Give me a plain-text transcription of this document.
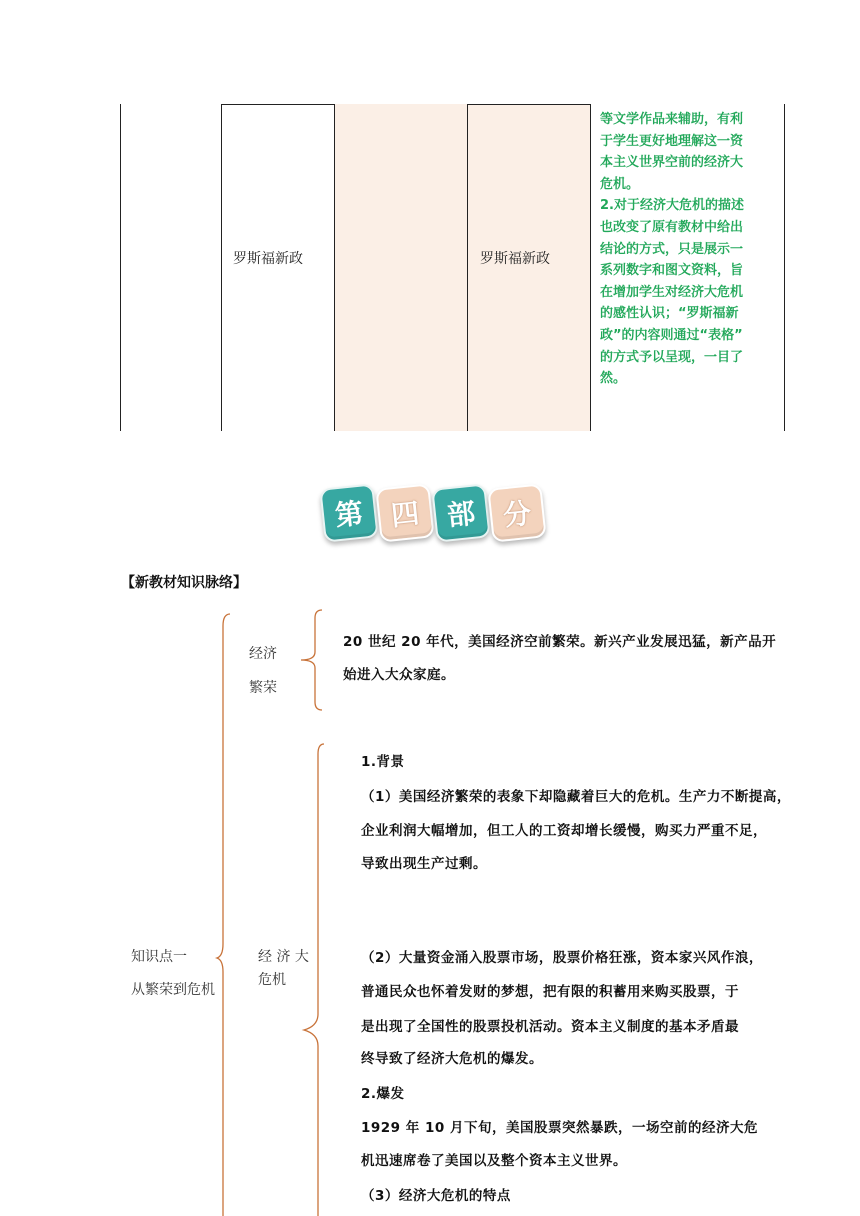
罗斯福新政	罗斯福新政
等文学作品来辅助，有利
于学生更好地理解这一资
本主义世界空前的经济大
危机。
2.对于经济大危机的描述
也改变了原有教材中给出
结论的方式，只是展示一
系列数字和图文资料，旨
在增加学生对经济大危机
的感性认识；“罗斯福新
政”的内容则通过“表格”
的方式予以呈现，一目了
然。
第 四 部 分
【新教材知识脉络】
知识点一
从繁荣到危机
经济
繁荣
20 世纪 20 年代，美国经济空前繁荣。新兴产业发展迅猛，新产品开
始进入大众家庭。
经 济 大
危机
1.背景
（1）美国经济繁荣的表象下却隐藏着巨大的危机。生产力不断提高，
企业利润大幅增加，但工人的工资却增长缓慢，购买力严重不足，
导致出现生产过剩。
（2）大量资金涌入股票市场，股票价格狂涨，资本家兴风作浪，
普通民众也怀着发财的梦想，把有限的积蓄用来购买股票，于
是出现了全国性的股票投机活动。资本主义制度的基本矛盾最
终导致了经济大危机的爆发。
2.爆发
1929 年 10 月下旬，美国股票突然暴跌，一场空前的经济大危
机迅速席卷了美国以及整个资本主义世界。
（3）经济大危机的特点
